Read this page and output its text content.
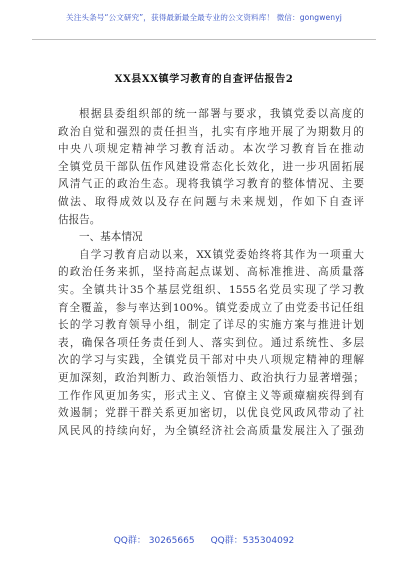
关注头条号“公文研究”，获得最新最全最专业的公文资料库！ 微信：gongwenyj
XX县XX镇学习教育的自查评估报告2
根据县委组织部的统一部署与要求，我镇党委以高度的
政治自觉和强烈的责任担当，扎实有序地开展了为期数月的
中央八项规定精神学习教育活动。本次学习教育旨在推动
全镇党员干部队伍作风建设常态化长效化，进一步巩固拓展
风清气正的政治生态。现将我镇学习教育的整体情况、主要
做法、取得成效以及存在问题与未来规划，作如下自查评
估报告。
一、基本情况
自学习教育启动以来，XX镇党委始终将其作为一项重大
的政治任务来抓，坚持高起点谋划、高标准推进、高质量落
实。全镇共计35个基层党组织、1555名党员实现了学习教
育全覆盖，参与率达到100%。镇党委成立了由党委书记任组
长的学习教育领导小组，制定了详尽的实施方案与推进计划
表，确保各项任务责任到人、落实到位。通过系统性、多层
次的学习与实践，全镇党员干部对中央八项规定精神的理解
更加深刻，政治判断力、政治领悟力、政治执行力显著增强；
工作作风更加务实，形式主义、官僚主义等顽瘴痼疾得到有
效遏制；党群干群关系更加密切，以优良党风政风带动了社
风民风的持续向好，为全镇经济社会高质量发展注入了强劲
QQ群： 30265665 QQ群：535304092
